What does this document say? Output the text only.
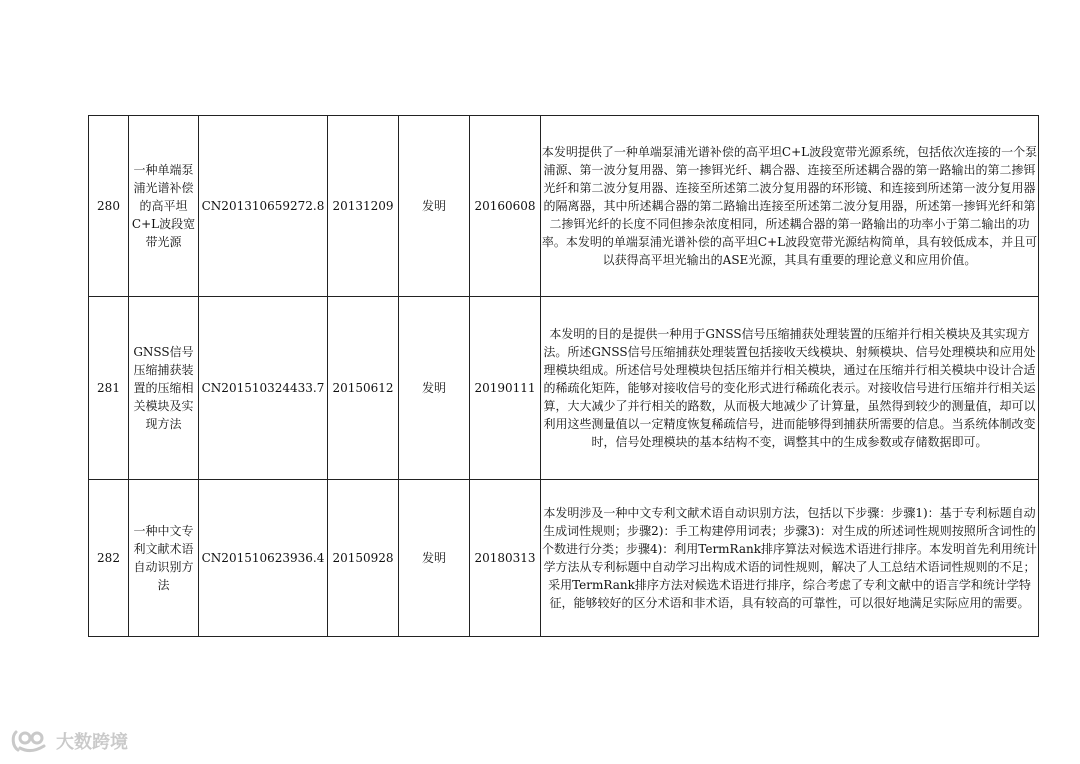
280	一种单端泵浦光谱补偿的高平坦C+L波段宽带光源	CN201310659272.8	20131209	发明	20160608	本发明提供了一种单端泵浦光谱补偿的高平坦C+L波段宽带光源系统，包括依次连接的一个泵浦源、第一波分复用器、第一掺铒光纤、耦合器、连接至所述耦合器的第一路输出的第二掺铒光纤和第二波分复用器、连接至所述第二波分复用器的环形镜、和连接到所述第一波分复用器的隔离器，其中所述耦合器的第二路输出连接至所述第二波分复用器，所述第一掺铒光纤和第二掺铒光纤的长度不同但掺杂浓度相同，所述耦合器的第一路输出的功率小于第二输出的功率。本发明的单端泵浦光谱补偿的高平坦C+L波段宽带光源结构简单，具有较低成本，并且可以获得高平坦光输出的ASE光源，其具有重要的理论意义和应用价值。
281	GNSS信号压缩捕获装置的压缩相关模块及实现方法	CN201510324433.7	20150612	发明	20190111	本发明的目的是提供一种用于GNSS信号压缩捕获处理装置的压缩并行相关模块及其实现方法。所述GNSS信号压缩捕获处理装置包括接收天线模块、射频模块、信号处理模块和应用处理模块组成。所述信号处理模块包括压缩并行相关模块，通过在压缩并行相关模块中设计合适的稀疏化矩阵，能够对接收信号的变化形式进行稀疏化表示。对接收信号进行压缩并行相关运算，大大减少了并行相关的路数，从而极大地减少了计算量，虽然得到较少的测量值，却可以利用这些测量值以一定精度恢复稀疏信号，进而能够得到捕获所需要的信息。当系统体制改变时，信号处理模块的基本结构不变，调整其中的生成参数或存储数据即可。
282	一种中文专利文献术语自动识别方法	CN201510623936.4	20150928	发明	20180313	本发明涉及一种中文专利文献术语自动识别方法，包括以下步骤：步骤1)：基于专利标题自动生成词性规则；步骤2)：手工构建停用词表；步骤3)：对生成的所述词性规则按照所含词性的个数进行分类；步骤4)：利用TermRank排序算法对候选术语进行排序。本发明首先利用统计学方法从专利标题中自动学习出构成术语的词性规则，解决了人工总结术语词性规则的不足；采用TermRank排序方法对候选术语进行排序，综合考虑了专利文献中的语言学和统计学特征，能够较好的区分术语和非术语，具有较高的可靠性，可以很好地满足实际应用的需要。
大数跨境
